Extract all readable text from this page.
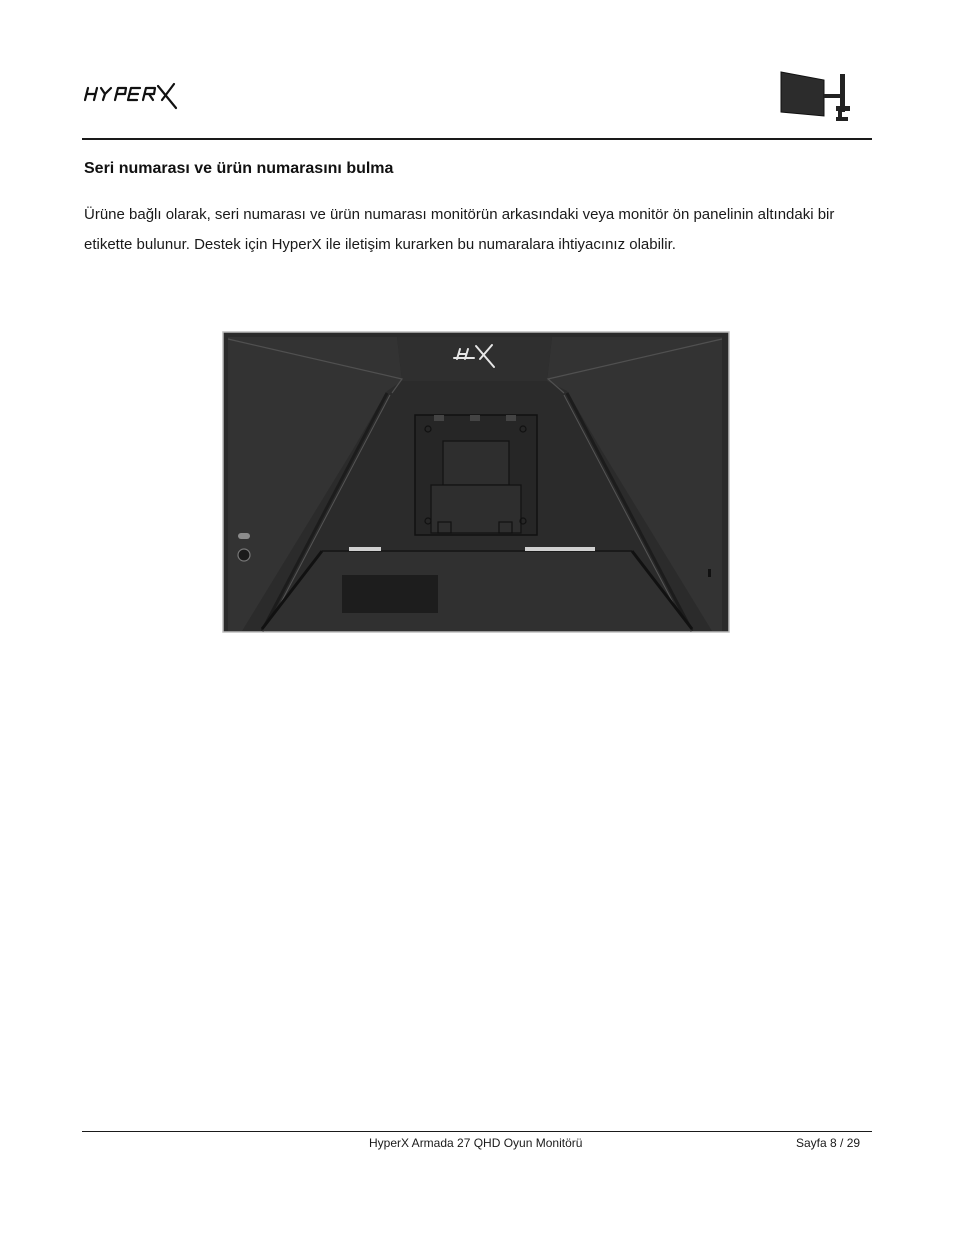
Seri numarası ve ürün numarasını bulma

Ürüne bağlı olarak, seri numarası ve ürün numarası monitörün arkasındaki veya monitör ön panelinin altındaki bir etikette bulunur. Destek için HyperX ile iletişim kurarken bu numaralara ihtiyacınız olabilir.

HyperX Armada 27 QHD Oyun Monitörü	Sayfa 8 / 29
